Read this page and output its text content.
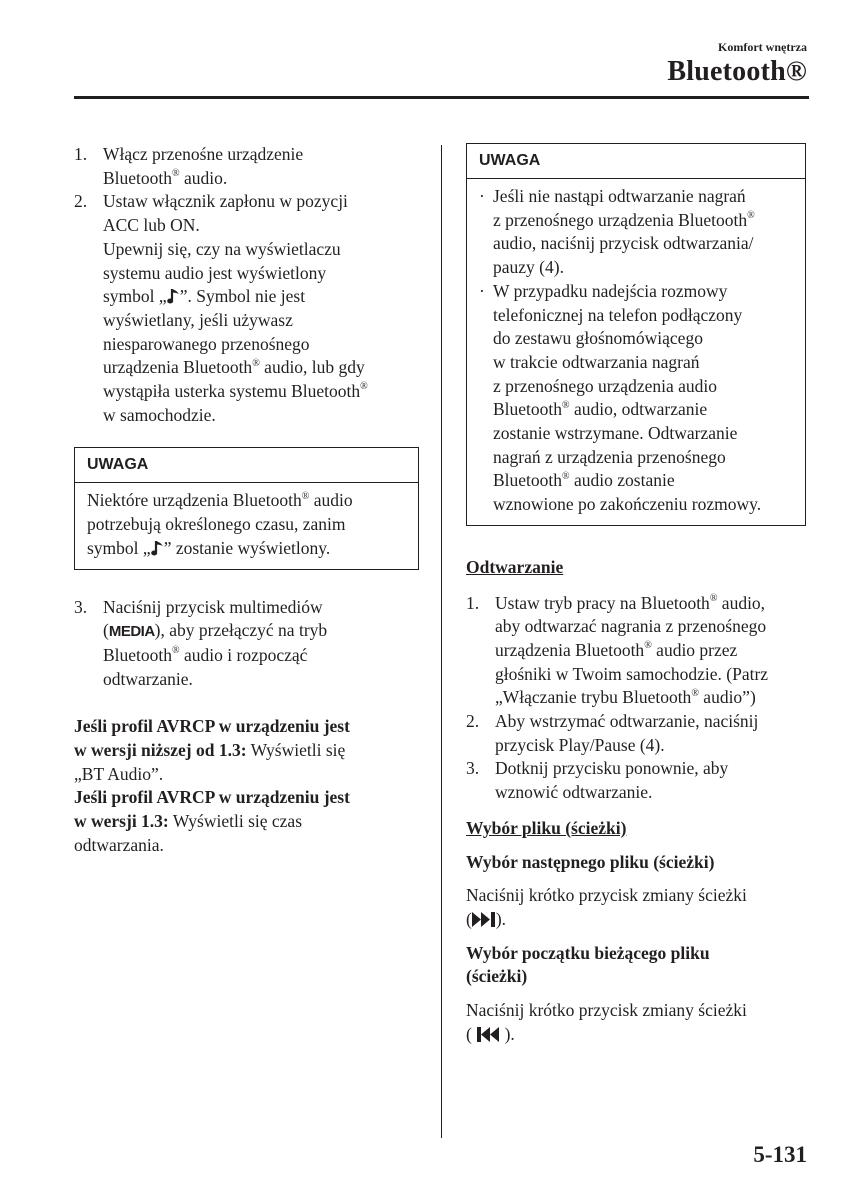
Komfort wnętrza
Bluetooth®
1. Włącz przenośne urządzenie
Bluetooth® audio.
2. Ustaw włącznik zapłonu w pozycji
ACC lub ON.
Upewnij się, czy na wyświetlaczu
systemu audio jest wyświetlony
symbol „ ”. Symbol nie jest
wyświetlany, jeśli używasz
niesparowanego przenośnego
urządzenia Bluetooth® audio, lub gdy
wystąpiła usterka systemu Bluetooth®
w samochodzie.
UWAGA
Niektóre urządzenia Bluetooth® audio
potrzebują określonego czasu, zanim
symbol „ ” zostanie wyświetlony.
3. Naciśnij przycisk multimediów
(MEDIA), aby przełączyć na tryb
Bluetooth® audio i rozpocząć
odtwarzanie.

Jeśli profil AVRCP w urządzeniu jest
w wersji niższej od 1.3: Wyświetli się
„BT Audio”.

Jeśli profil AVRCP w urządzeniu jest
w wersji 1.3: Wyświetli się czas
odtwarzania.

UWAGA
· Jeśli nie nastąpi odtwarzanie nagrań
z przenośnego urządzenia Bluetooth®
audio, naciśnij przycisk odtwarzania/
pauzy (4).
· W przypadku nadejścia rozmowy
telefonicznej na telefon podłączony
do zestawu głośnomówiącego
w trakcie odtwarzania nagrań
z przenośnego urządzenia audio
Bluetooth® audio, odtwarzanie
zostanie wstrzymane. Odtwarzanie
nagrań z urządzenia przenośnego
Bluetooth® audio zostanie
wznowione po zakończeniu rozmowy.

Odtwarzanie

1. Ustaw tryb pracy na Bluetooth® audio,
aby odtwarzać nagrania z przenośnego
urządzenia Bluetooth® audio przez
głośniki w Twoim samochodzie. (Patrz
„Włączanie trybu Bluetooth® audio”)
2. Aby wstrzymać odtwarzanie, naciśnij
przycisk Play/Pause (4).
3. Dotknij przycisku ponownie, aby
wznowić odtwarzanie.

Wybór pliku (ścieżki)

Wybór następnego pliku (ścieżki)

Naciśnij krótko przycisk zmiany ścieżki
( ).

Wybór początku bieżącego pliku
(ścieżki)

Naciśnij krótko przycisk zmiany ścieżki
(  ).

5-131
